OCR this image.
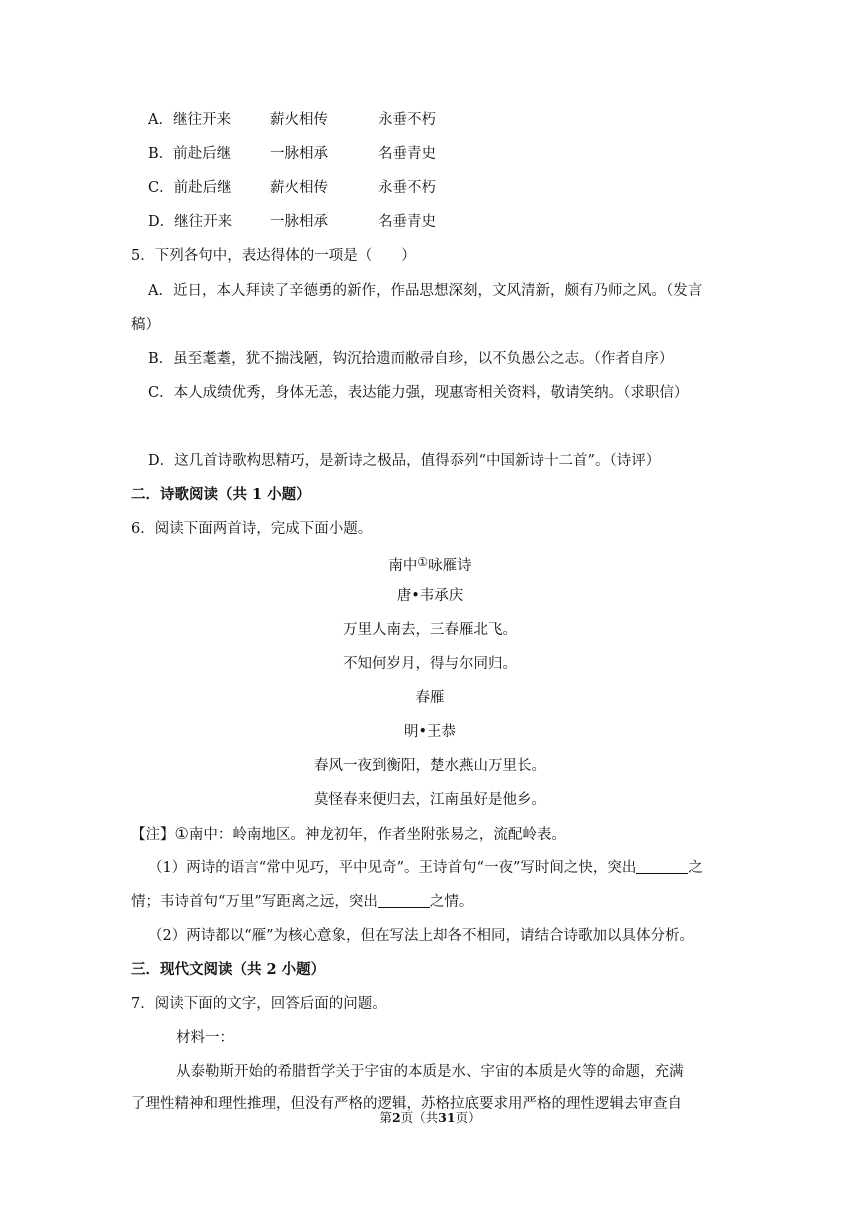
A．继往开来	薪火相传	永垂不朽
B．前赴后继	一脉相承	名垂青史
C．前赴后继	薪火相传	永垂不朽
D．继往开来	一脉相承	名垂青史
5．下列各句中，表达得体的一项是（　　）
A．近日，本人拜读了辛德勇的新作，作品思想深刻，文风清新，颇有乃师之风。（发言
稿）
B．虽至耄耋，犹不揣浅陋，钩沉拾遗而敝帚自珍，以不负愚公之志。（作者自序）
C．本人成绩优秀，身体无恙，表达能力强，现惠寄相关资料，敬请笑纳。（求职信）
D．这几首诗歌构思精巧，是新诗之极品，值得忝列“中国新诗十二首”。（诗评）
二．诗歌阅读（共 1 小题）
6．阅读下面两首诗，完成下面小题。
南中①咏雁诗
唐•韦承庆
万里人南去，三春雁北飞。
不知何岁月，得与尔同归。
春雁
明•王恭
春风一夜到衡阳，楚水燕山万里长。
莫怪春来便归去，江南虽好是他乡。
【注】①南中：岭南地区。神龙初年，作者坐附张易之，流配岭表。
（1）两诗的语言“常中见巧，平中见奇”。王诗首句“一夜”写时间之快，突出	之
情；韦诗首句“万里”写距离之远，突出	之情。
（2）两诗都以“雁”为核心意象，但在写法上却各不相同，请结合诗歌加以具体分析。
三．现代文阅读（共 2 小题）
7．阅读下面的文字，回答后面的问题。
材料一：
从泰勒斯开始的希腊哲学关于宇宙的本质是水、宇宙的本质是火等的命题，充满
了理性精神和理性推理，但没有严格的逻辑，苏格拉底要求用严格的理性逻辑去审查自
第2页（共31页）
